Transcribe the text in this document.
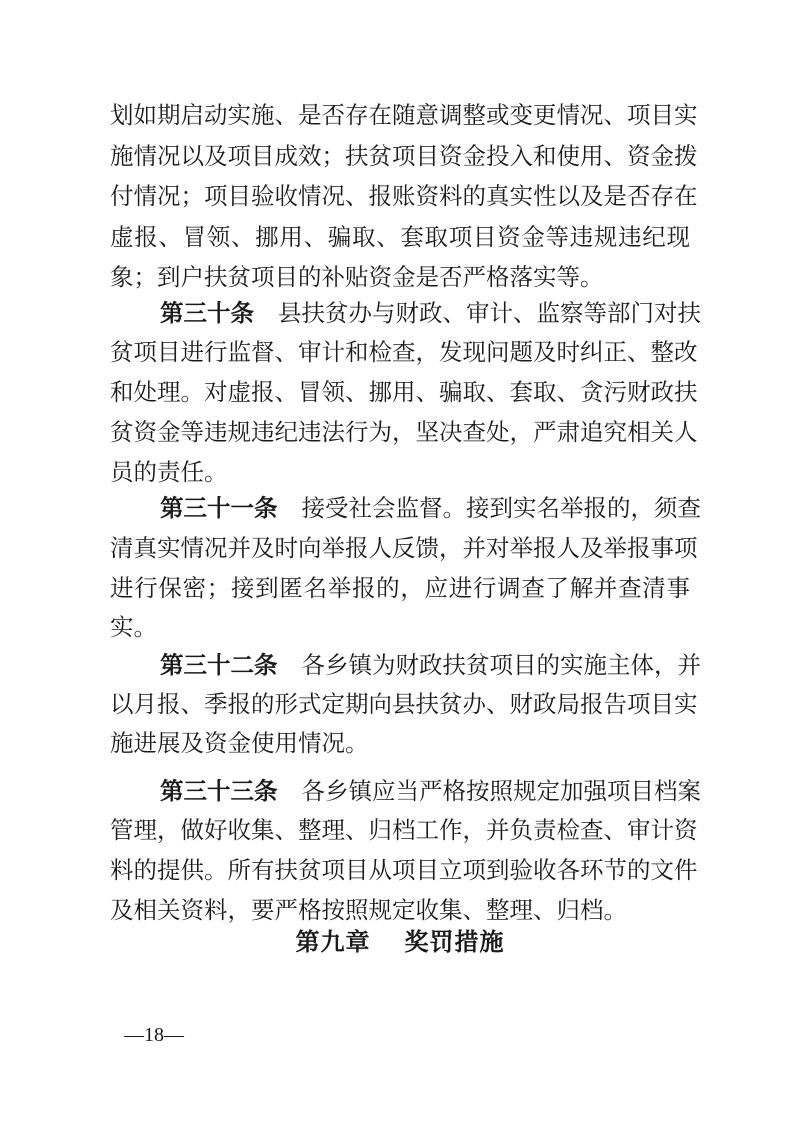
划如期启动实施、是否存在随意调整或变更情况、项目实
施情况以及项目成效；扶贫项目资金投入和使用、资金拨
付情况；项目验收情况、报账资料的真实性以及是否存在
虚报、冒领、挪用、骗取、套取项目资金等违规违纪现
象；到户扶贫项目的补贴资金是否严格落实等。
第三十条 县扶贫办与财政、审计、监察等部门对扶
贫项目进行监督、审计和检查，发现问题及时纠正、整改
和处理。对虚报、冒领、挪用、骗取、套取、贪污财政扶
贫资金等违规违纪违法行为，坚决查处，严肃追究相关人
员的责任。
第三十一条 接受社会监督。接到实名举报的，须查
清真实情况并及时向举报人反馈，并对举报人及举报事项
进行保密；接到匿名举报的，应进行调查了解并查清事
实。
第三十二条 各乡镇为财政扶贫项目的实施主体，并
以月报、季报的形式定期向县扶贫办、财政局报告项目实
施进展及资金使用情况。
第三十三条 各乡镇应当严格按照规定加强项目档案
管理，做好收集、整理、归档工作，并负责检查、审计资
料的提供。所有扶贫项目从项目立项到验收各环节的文件
及相关资料，要严格按照规定收集、整理、归档。
第九章 奖罚措施
—18—
